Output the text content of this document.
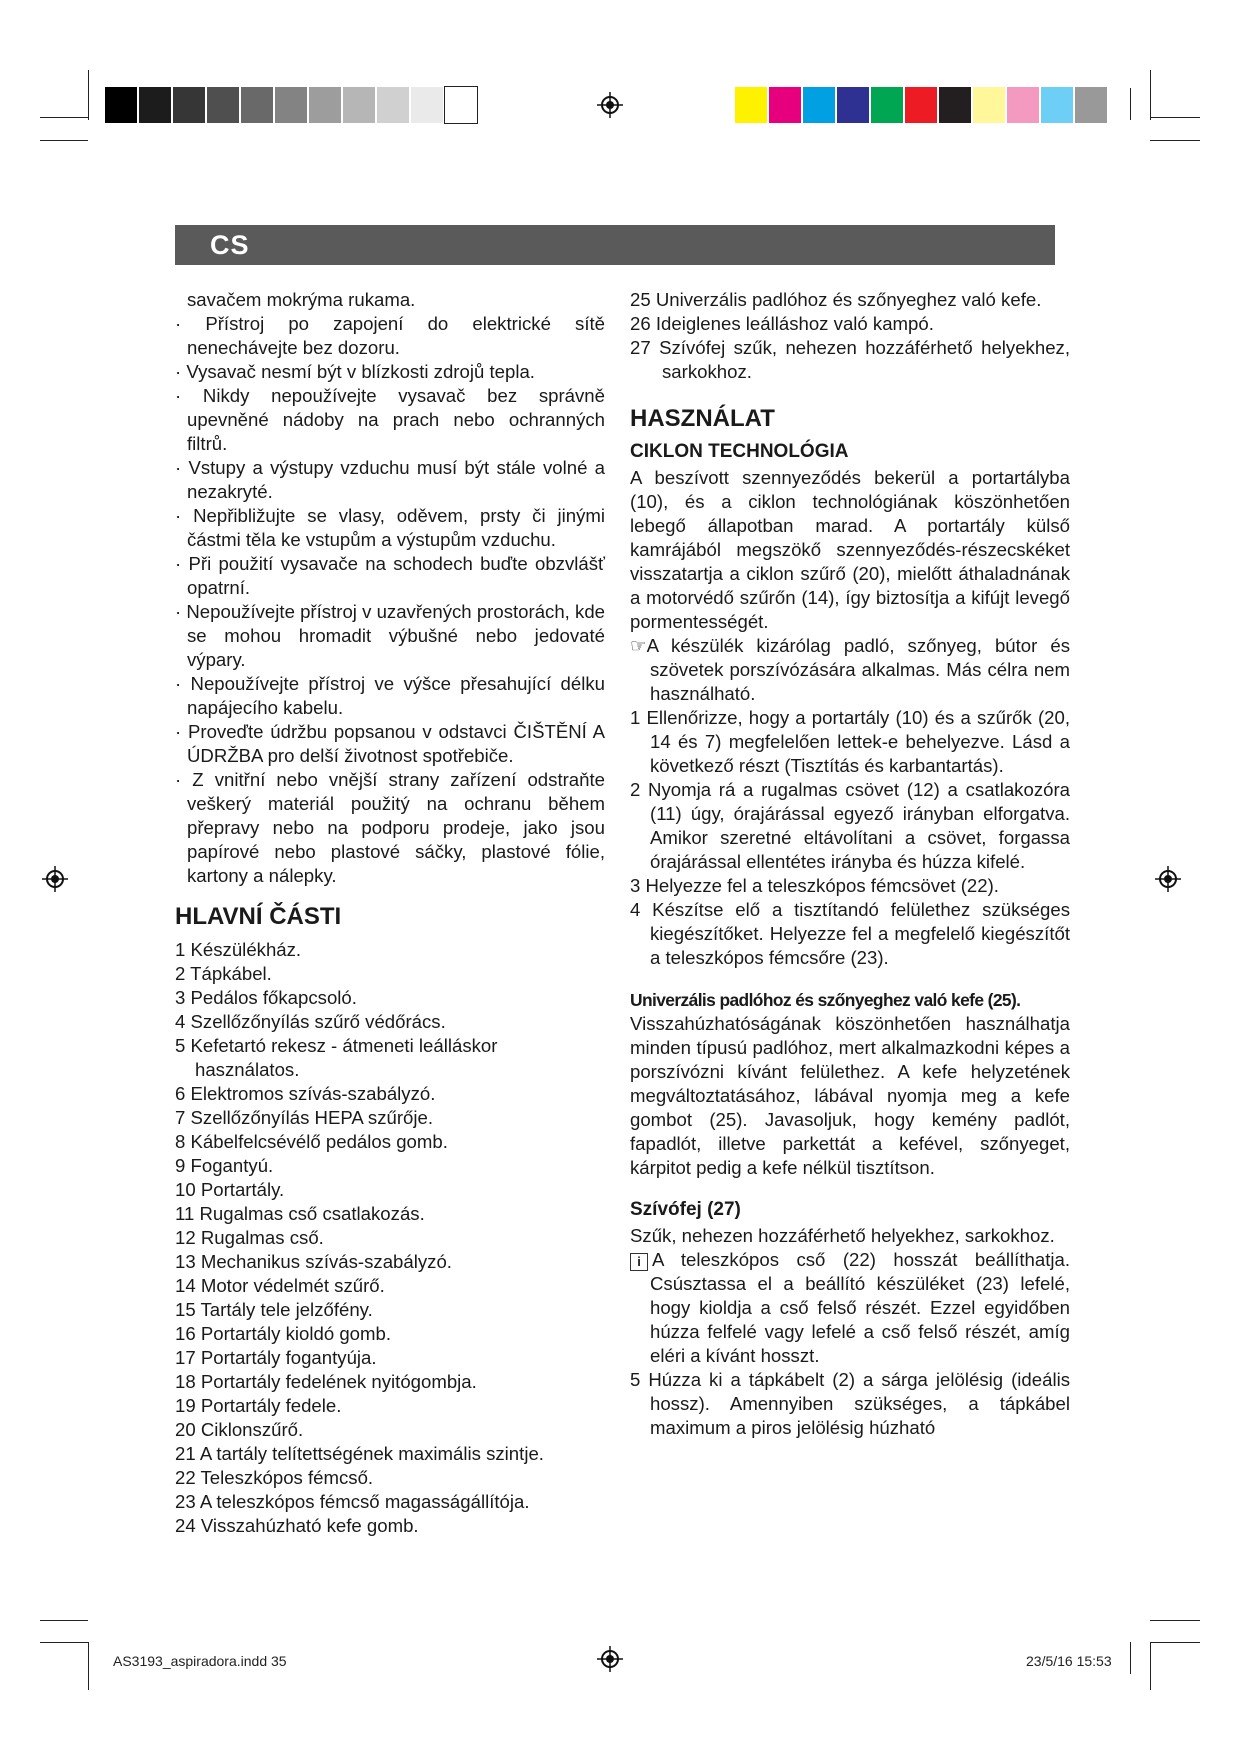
CS

savačem mokrýma rukama.

· Přístroj po zapojení do elektrické sítě nenechávejte bez dozoru.

· Vysavač nesmí být v blízkosti zdrojů tepla.

· Nikdy nepoužívejte vysavač bez správně upevněné nádoby na prach nebo ochranných filtrů.

· Vstupy a výstupy vzduchu musí být stále volné a nezakryté.

· Nepřibližujte se vlasy, oděvem, prsty či jinými částmi těla ke vstupům a výstupům vzduchu.

· Při použití vysavače na schodech buďte obzvlášť opatrní.

· Nepoužívejte přístroj v uzavřených prostorách, kde se mohou hromadit výbušné nebo jedovaté výpary.

· Nepoužívejte přístroj ve výšce přesahující délku napájecího kabelu.

· Proveďte údržbu popsanou v odstavci ČIŠTĚNÍ A ÚDRŽBA pro delší životnost spotřebiče.

· Z vnitřní nebo vnější strany zařízení odstraňte veškerý materiál použitý na ochranu během přepravy nebo na podporu prodeje, jako jsou papírové nebo plastové sáčky, plastové fólie, kartony a nálepky.

HLAVNÍ ČÁSTI

1 Készülékház.

2 Tápkábel.

3 Pedálos főkapcsoló.

4 Szellőzőnyílás szűrő védőrács.

5 Kefetartó rekesz - átmeneti leálláskor használatos.

6 Elektromos szívás-szabályzó.

7 Szellőzőnyílás HEPA szűrője.

8 Kábelfelcsévélő pedálos gomb.

9 Fogantyú.

10 Portartály.

11 Rugalmas cső csatlakozás.

12 Rugalmas cső.

13 Mechanikus szívás-szabályzó.

14 Motor védelmét szűrő.

15 Tartály tele jelzőfény.

16 Portartály kioldó gomb.

17 Portartály fogantyúja.

18 Portartály fedelének nyitógombja.

19 Portartály fedele.

20 Ciklonszűrő.

21 A tartály telítettségének maximális szintje.

22 Teleszkópos fémcső.

23 A teleszkópos fémcső magasságállítója.

24 Visszahúzható kefe gomb.

25 Univerzális padlóhoz és szőnyeghez való kefe.

26 Ideiglenes leálláshoz való kampó.

27 Szívófej szűk, nehezen hozzáférhető helyekhez, sarkokhoz.

HASZNÁLAT
CIKLON TECHNOLÓGIA

A beszívott szennyeződés bekerül a portartályba (10), és a ciklon technológiának köszönhetően lebegő állapotban marad. A portartály külső kamrájából megszökő szennyeződés-részecskéket visszatartja a ciklon szűrő (20), mielőtt áthaladnának a motorvédő szűrőn (14), így biztosítja a kifújt levegő pormentességét.

☞A készülék kizárólag padló, szőnyeg, bútor és szövetek porszívózására alkalmas. Más célra nem használható.

1 Ellenőrizze, hogy a portartály (10) és a szűrők (20, 14 és 7) megfelelően lettek-e behelyezve. Lásd a következő részt (Tisztítás és karbantartás).

2 Nyomja rá a rugalmas csövet (12) a csatlakozóra (11) úgy, órajárással egyező irányban elforgatva. Amikor szeretné eltávolítani a csövet, forgassa órajárással ellentétes irányba és húzza kifelé.

3 Helyezze fel a teleszkópos fémcsövet (22).

4 Készítse elő a tisztítandó felülethez szükséges kiegészítőket. Helyezze fel a megfelelő kiegészítőt a teleszkópos fémcsőre (23).

Univerzális padlóhoz és szőnyeghez való kefe (25).

Visszahúzhatóságának köszönhetően használhatja minden típusú padlóhoz, mert alkalmazkodni képes a porszívózni kívánt felülethez. A kefe helyzetének megváltoztatásához, lábával nyomja meg a kefe gombot (25). Javasoljuk, hogy kemény padlót, fapadlót, illetve parkettát a kefével, szőnyeget, kárpitot pedig a kefe nélkül tisztítson.

Szívófej (27)

Szűk, nehezen hozzáférhető helyekhez, sarkokhoz.

i A teleszkópos cső (22) hosszát beállíthatja. Csúsztassa el a beállító készüléket (23) lefelé, hogy kioldja a cső felső részét. Ezzel egyidőben húzza felfelé vagy lefelé a cső felső részét, amíg eléri a kívánt hosszt.

5 Húzza ki a tápkábelt (2) a sárga jelölésig (ideális hossz). Amennyiben szükséges, a tápkábel maximum a piros jelölésig húzható

AS3193_aspiradora.indd 35	23/5/16 15:53
